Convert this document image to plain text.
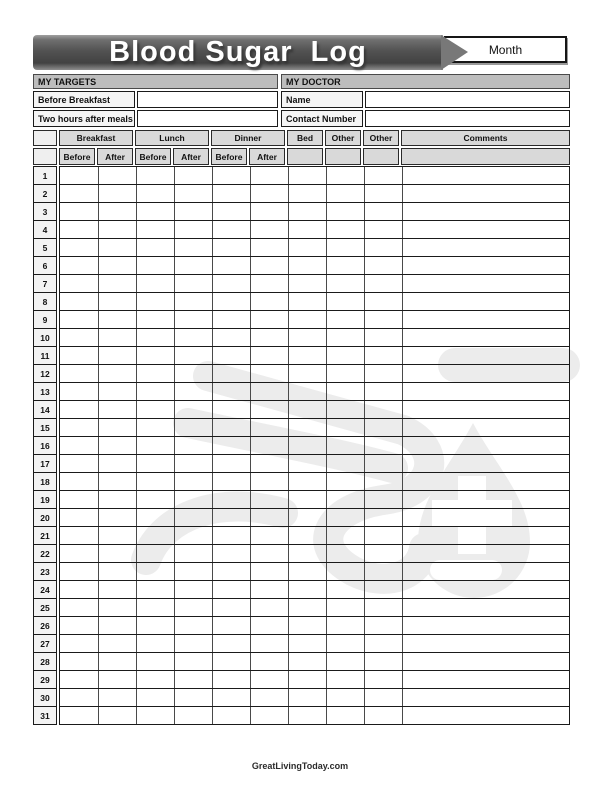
Blood Sugar  Log	Month
MY TARGETS
Before Breakfast
Two hours after meals
MY DOCTOR
Name
Contact Number
Breakfast	Lunch	Dinner	Bed	Other	Other	Comments
Before	After	Before	After	Before	After
1
2
3
4
5
6
7
8
9
10
11
12
13
14
15
16
17
18
19
20
21
22
23
24
25
26
27
28
29
30
31
GreatLivingToday.com
